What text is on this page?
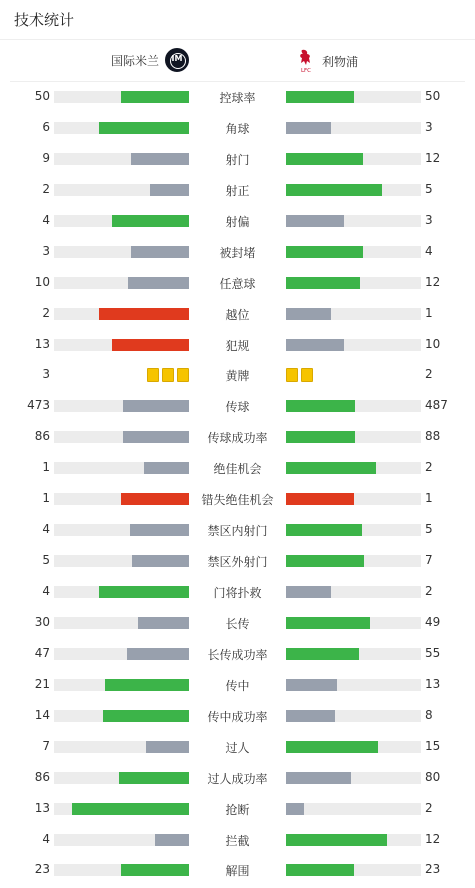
技术统计
国际米兰	IM
LFC
利物浦
50	控球率	50
6	角球	3
9	射门	12
2	射正	5
4	射偏	3
3	被封堵	4
10	任意球	12
2	越位	1
13	犯规	10
3	黄牌	2
473	传球	487
86	传球成功率	88
1	绝佳机会	2
1	错失绝佳机会	1
4	禁区内射门	5
5	禁区外射门	7
4	门将扑救	2
30	长传	49
47	长传成功率	55
21	传中	13
14	传中成功率	8
7	过人	15
86	过人成功率	80
13	抢断	2
4	拦截	12
23	解围	23
